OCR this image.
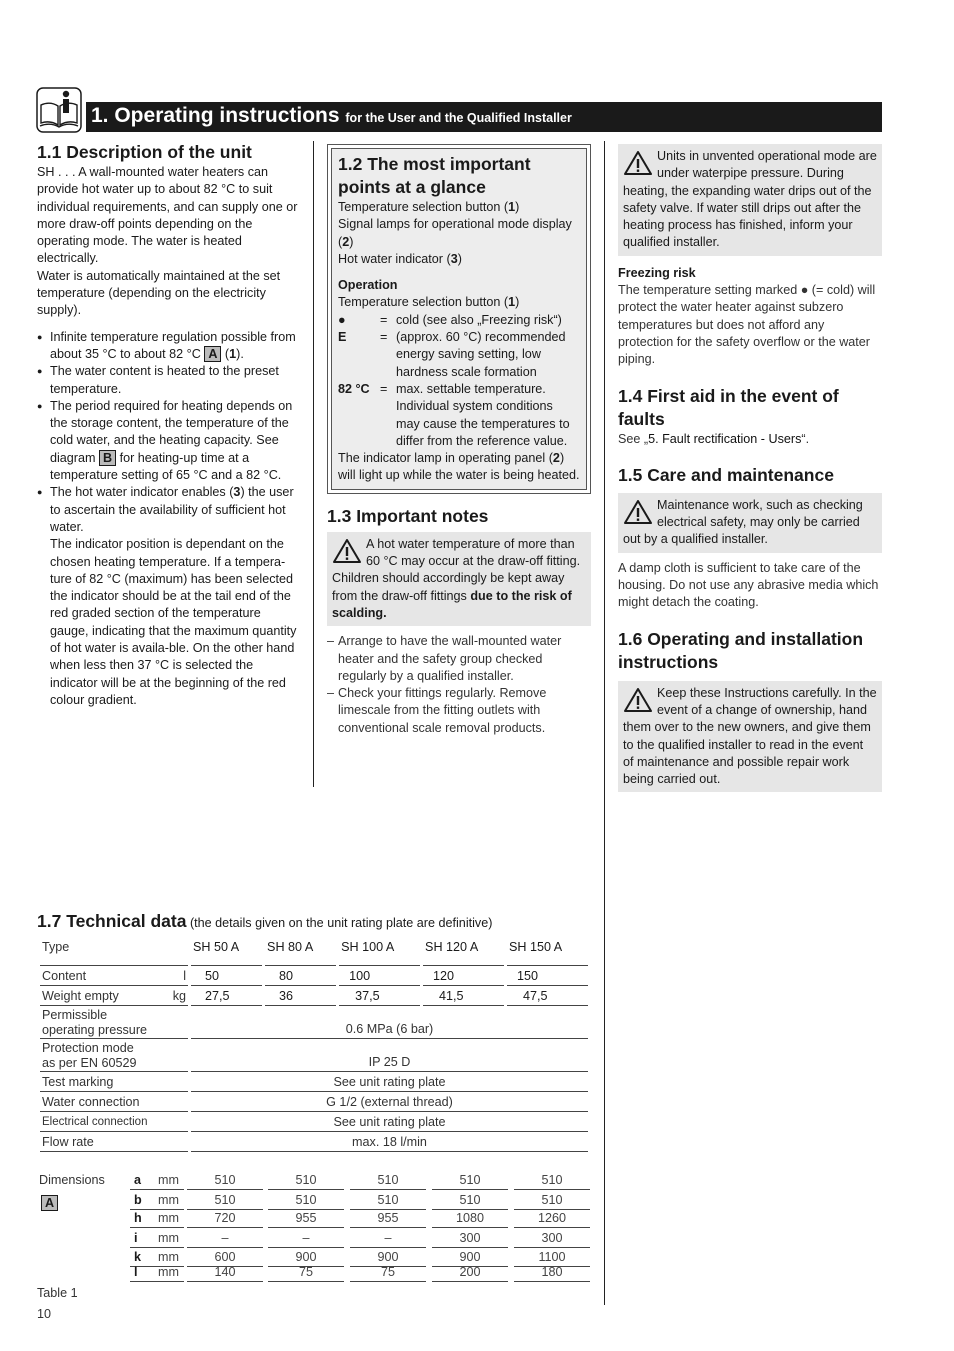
1. Operating instructions for the User and the Qualified Installer
1.1 Description of the unit

SH . . . A wall-mounted water heaters can provide hot water up to about 82 °C to suit individual requirements, and can supply one or more draw-off points depending on the operating mode. The water is heated electrically.

Water is automatically maintained at the set temperature (depending on the electricity supply).

● Infinite temperature regulation possible from about 35 °C to about 82 °C A (1).
● The water content is heated to the preset temperature.
● The period required for heating depends on the storage content, the temperature of the cold water, and the heating capacity. See diagram B for heating-up time at a temperature setting of 65 °C and a 82 °C.
● The hot water indicator enables (3) the user to ascertain the availability of sufficient hot water.
The indicator position is dependant on the chosen heating temperature. If a tempera-ture of 82 °C (maximum) has been selected the indicator should be at the tail end of the red graded section of the temperature gauge, indicating that the maximum quantity of hot water is availa-ble. On the other hand when less then 37 °C is selected the indicator will be at the beginning of the red colour gradient.
1.2 The most important points at a glance

Temperature selection button (1)

Signal lamps for operational mode display (2)

Hot water indicator (3)

Operation

Temperature selection button (1)

●	= cold (see also „Freezing risk“)
E	= (approx. 60 °C) recommended energy saving setting, low hardness scale formation
82 °C = max. settable temperature. Individual system conditions may cause the temperatures to differ from the reference value.

The indicator lamp in operating panel (2) will light up while the water is being heated.

1.3 Important notes
A hot water temperature of more than 60 °C may occur at the draw-off fitting.
Children should accordingly be kept away from the draw-off fittings due to the risk of scalding.
– Arrange to have the wall-mounted water heater and the safety group checked regularly by a qualified installer.
– Check your fittings regularly. Remove limescale from the fitting outlets with conventional scale removal products.
Units in unvented operational mode are under waterpipe pressure. During heating, the expanding water drips out of the safety valve. If water still drips out after the heating process has finished, inform your qualified installer.

Freezing risk

The temperature setting marked ● (= cold) will protect the water heater against subzero temperatures but does not afford any protection for the safety overflow or the water piping.

1.4 First aid in the event of faults

See „5. Fault rectification - Users“.

1.5 Care and maintenance
Maintenance work, such as checking electrical safety, may only be carried out by a qualified installer.

A damp cloth is sufficient to take care of the housing. Do not use any abrasive media which might detach the coating.

1.6 Operating and installation instructions
Keep these Instructions carefully. In the event of a change of ownership, hand them over to the new owners, and give them to the qualified installer to read in the event of maintenance and possible repair work being carried out.
1.7 Technical data (the details given on the unit rating plate are definitive)
Type	SH 50 A	SH 80 A	SH 100 A	SH 120 A	SH 150 A
Content l	50	80	100	120	150
Weight empty kg	27,5	36	37,5	41,5	47,5
Permissible
operating pressure	0.6 MPa (6 bar)				
Protection mode
as per EN 60529	IP 25 D				
Test marking	See unit rating plate				
Water connection	G 1/2 (external thread)				
Electrical connection	See unit rating plate				
Flow rate	max. 18 l/min				
Dimensions
A
a mm	510	510	510	510	510
b mm	510	510	510	510	510
h mm	720	955	955	1080	1260
i mm	–	–	–	300	300
k mm	600	900	900	900	1100
l mm	140	75	75	200	180
Table 1
10
